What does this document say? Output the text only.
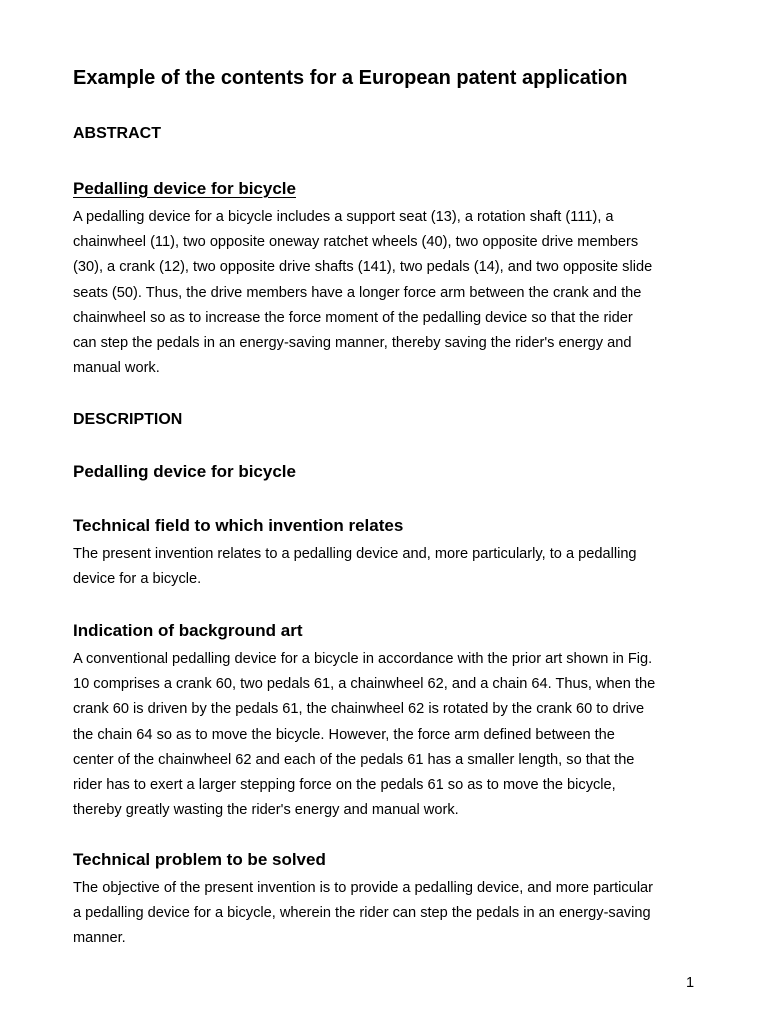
Example of the contents for a European patent application
ABSTRACT
Pedalling device for bicycle
A pedalling device for a bicycle includes a support seat (13), a rotation shaft (111), a
chainwheel (11), two opposite oneway ratchet wheels (40), two opposite drive members
(30), a crank (12), two opposite drive shafts (141), two pedals (14), and two opposite slide
seats (50). Thus, the drive members have a longer force arm between the crank and the
chainwheel so as to increase the force moment of the pedalling device so that the rider
can step the pedals in an energy-saving manner, thereby saving the rider's energy and
manual work.
DESCRIPTION
Pedalling device for bicycle
Technical field to which invention relates
The present invention relates to a pedalling device and, more particularly, to a pedalling
device for a bicycle.
Indication of background art
A conventional pedalling device for a bicycle in accordance with the prior art shown in Fig.
10 comprises a crank 60, two pedals 61, a chainwheel 62, and a chain 64. Thus, when the
crank 60 is driven by the pedals 61, the chainwheel 62 is rotated by the crank 60 to drive
the chain 64 so as to move the bicycle. However, the force arm defined between the
center of the chainwheel 62 and each of the pedals 61 has a smaller length, so that the
rider has to exert a larger stepping force on the pedals 61 so as to move the bicycle,
thereby greatly wasting the rider's energy and manual work.
Technical problem to be solved
The objective of the present invention is to provide a pedalling device, and more particular
a pedalling device for a bicycle, wherein the rider can step the pedals in an energy-saving
manner.

1
